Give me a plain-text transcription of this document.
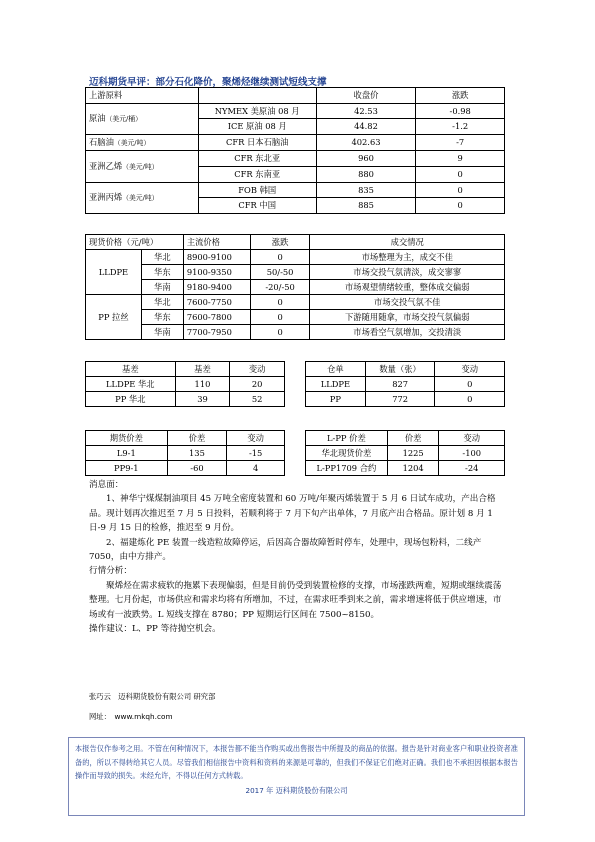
迈科期货早评：部分石化降价，聚烯烃继续测试短线支撑
上游原料		收盘价	涨跌
原油（美元/桶）	NYMEX 美原油 08 月	42.53	-0.98
	ICE 原油 08 月	44.82	-1.2
石脑油（美元/吨）	CFR 日本石脑油	402.63	-7
亚洲乙烯（美元/吨）	CFR 东北亚	960	9
	CFR 东南亚	880	0
亚洲丙烯（美元/吨）	FOB 韩国	835	0
	CFR 中国	885	0
现货价格（元/吨）		主流价格	涨跌	成交情况
LLDPE	华北	8900-9100	0	市场整理为主，成交不佳
	华东	9100-9350	50/-50	市场交投气氛清淡，成交寥寥
	华南	9180-9400	-20/-50	市场观望情绪较重，整体成交偏弱
PP 拉丝	华北	7600-7750	0	市场交投气氛不佳
	华东	7600-7800	0	下游随用随拿，市场交投气氛偏弱
	华南	7700-7950	0	市场看空气氛增加，交投清淡
基差	基差	变动
LLDPE 华北	110	20
PP 华北	39	52
仓单	数量（张）	变动
LLDPE	827	0
PP	772	0
期货价差	价差	变动
L9-1	135	-15
PP9-1	-60	4
L-PP 价差	价差	变动
华北现货价差	1225	-100
L-PP1709 合约	1204	-24

消息面：

1、神华宁煤煤制油项目 45 万吨全密度装置和 60 万吨/年聚丙烯装置于 5 月 6 日试车成功，产出合格品。现计划再次推迟至 7 月 5 日投料，若顺利将于 7 月下旬产出单体，7 月底产出合格品。原计划 8 月 1 日-9 月 15 日的检修，推迟至 9 月份。

2、福建炼化 PE 装置一线造粒故障停运，后因高合器故障暂时停车，处理中，现场包粉料，二线产 7050，由中方排产。

行情分析：

聚烯烃在需求疲软的拖累下表现偏弱，但是目前仍受到装置检修的支撑，市场涨跌两难，短期或继续震荡整理。七月份起，市场供应和需求均将有所增加，不过，在需求旺季到来之前，需求增速将低于供应增速，市场或有一波跌势。L 短线支撑在 8780；PP 短期运行区间在 7500~8150。

操作建议：L、PP 等待抛空机会。

张巧云　迈科期货股份有限公司 研究部
网址：　www.mkqh.com

本报告仅作参考之用。不管在何种情况下，本报告都不能当作购买或出售报告中所提及的商品的依据。报告是针对商业客户和职业投资者准备的，所以不得转给其它人员。尽管我们相信报告中资料和资料的来源是可靠的，但我们不保证它们绝对正确。我们也不承担因根据本报告操作而导致的损失。未经允许，不得以任何方式转载。

2017 年 迈科期货股份有限公司
